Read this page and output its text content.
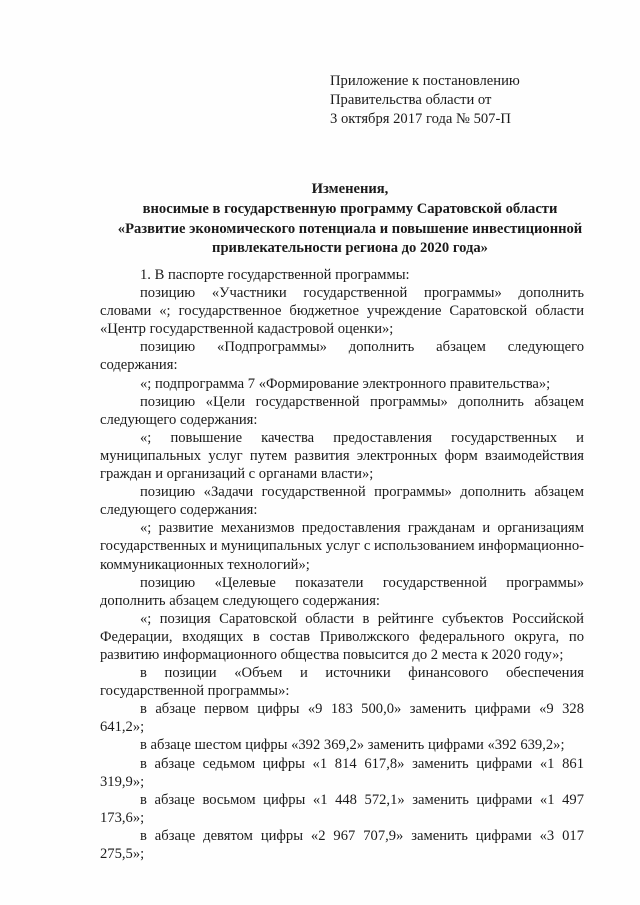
Приложение к постановлению
Правительства области от
3 октября 2017 года № 507-П
Изменения,
вносимые в государственную программу Саратовской области
«Развитие экономического потенциала и повышение инвестиционной
привлекательности региона до 2020 года»

1. В паспорте государственной программы:

позицию «Участники государственной программы» дополнить словами «; государственное бюджетное учреждение Саратовской области «Центр государственной кадастровой оценки»;

позицию «Подпрограммы» дополнить абзацем следующего содержания:

«; подпрограмма 7 «Формирование электронного правительства»;

позицию «Цели государственной программы» дополнить абзацем следующего содержания:

«; повышение качества предоставления государственных и муниципальных услуг путем развития электронных форм взаимодействия граждан и организаций с органами власти»;

позицию «Задачи государственной программы» дополнить абзацем следующего содержания:

«; развитие механизмов предоставления гражданам и организациям государственных и муниципальных услуг с использованием информационно-коммуникационных технологий»;

позицию «Целевые показатели государственной программы» дополнить абзацем следующего содержания:

«; позиция Саратовской области в рейтинге субъектов Российской Федерации, входящих в состав Приволжского федерального округа, по развитию информационного общества повысится до 2 места к 2020 году»;

в позиции «Объем и источники финансового обеспечения государственной программы»:

в абзаце первом цифры «9 183 500,0» заменить цифрами «9 328 641,2»;

в абзаце шестом цифры «392 369,2» заменить цифрами «392 639,2»;

в абзаце седьмом цифры «1 814 617,8» заменить цифрами «1 861 319,9»;

в абзаце восьмом цифры «1 448 572,1» заменить цифрами «1 497 173,6»;

в абзаце девятом цифры «2 967 707,9» заменить цифрами «3 017 275,5»;
